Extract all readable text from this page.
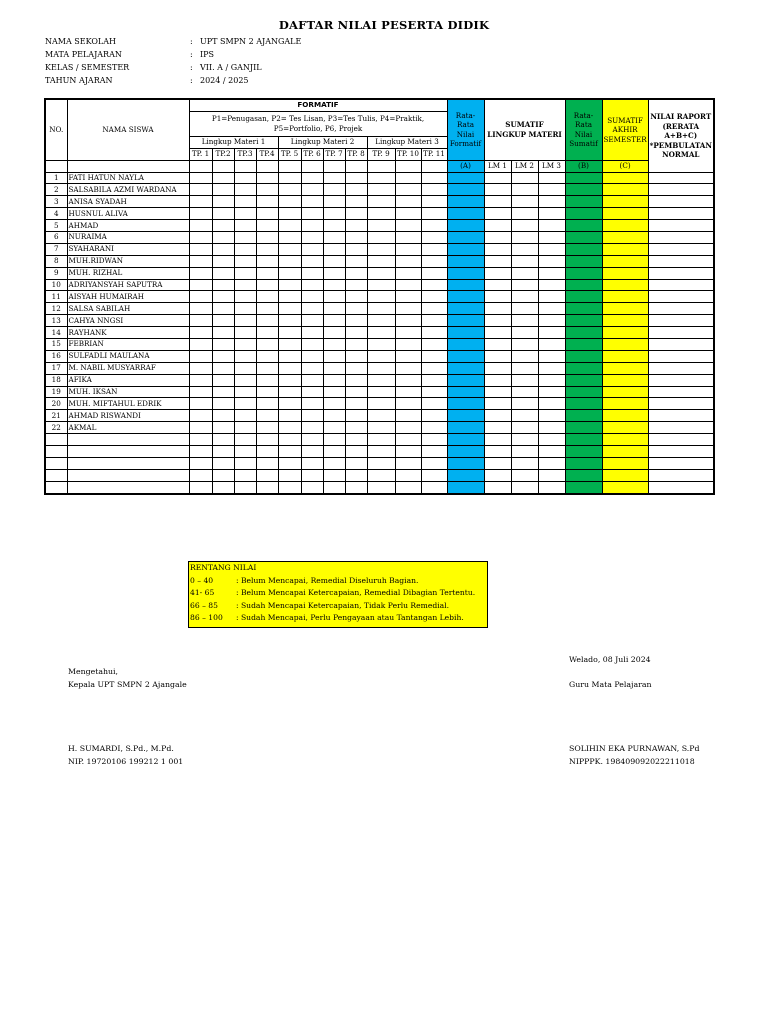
DAFTAR NILAI PESERTA DIDIK
NAMA SEKOLAH	: UPT SMPN 2 AJANGALE
MATA PELAJARAN	: IPS
KELAS / SEMESTER	: VII. A / GANJIL
TAHUN AJARAN	: 2024 / 2025
NO.	NAMA SISWA	FORMATIF											Rata-Rata Nilai Formatif	SUMATIF LINGKUP MATERI			Rata-Rata Nilai Sumatif	SUMATIF AKHIR SEMESTER	NILAI RAPORT (RERATA A+B+C) *PEMBULATAN NORMAL
		P1=Penugasan, P2= Tes Lisan, P3=Tes Tulis, P4=Praktik, P5=Portfolio, P6, Projek																	
		Lingkup Materi 1				Lingkup Materi 2				Lingkup Materi 3									
		TP. 1	TP.2	TP.3	TP.4	TP. 5	TP. 6	TP. 7	TP. 8	TP. 9	TP. 10	TP. 11							
													(A)	LM 1	LM 2	LM 3	(B)	(C)	
1	FATI HATUN NAYLA																		
2	SALSABILA AZMI WARDANA																		
3	ANISA SYADAH																		
4	HUSNUL ALIVA																		
5	AHMAD																		
6	NURAIMA																		
7	SYAHARANI																		
8	MUH.RIDWAN																		
9	MUH. RIZHAL																		
10	ADRIYANSYAH SAPUTRA																		
11	AISYAH HUMAIRAH																		
12	SALSA SABILAH																		
13	CAHYA NNGSI																		
14	RAYHANK																		
15	FEBRIAN																		
16	SULFADLI MAULANA																		
17	M. NABIL MUSYARRAF																		
18	AFIKA																		
19	MUH. IKSAN																		
20	MUH. MIFTAHUL EDRIK																		
21	AHMAD RISWANDI																		
22	AKMAL																		

RENTANG NILAI
0 – 40	: Belum Mencapai, Remedial Diseluruh Bagian.
41- 65	: Belum Mencapai Ketercapaian, Remedial Dibagian Tertentu.
66 – 85	: Sudah Mencapai Ketercapaian, Tidak Perlu Remedial.
86 – 100	: Sudah Mencapai, Perlu Pengayaan atau Tantangan Lebih.
Welado, 08 Juli 2024
Mengetahui,
Kepala UPT SMPN 2 Ajangale	Guru Mata Pelajaran
H. SUMARDI, S.Pd., M.Pd.
NIP. 19720106 199212 1 001
SOLIHIN EKA PURNAWAN, S.Pd
NIPPPK. 198409092022211018
